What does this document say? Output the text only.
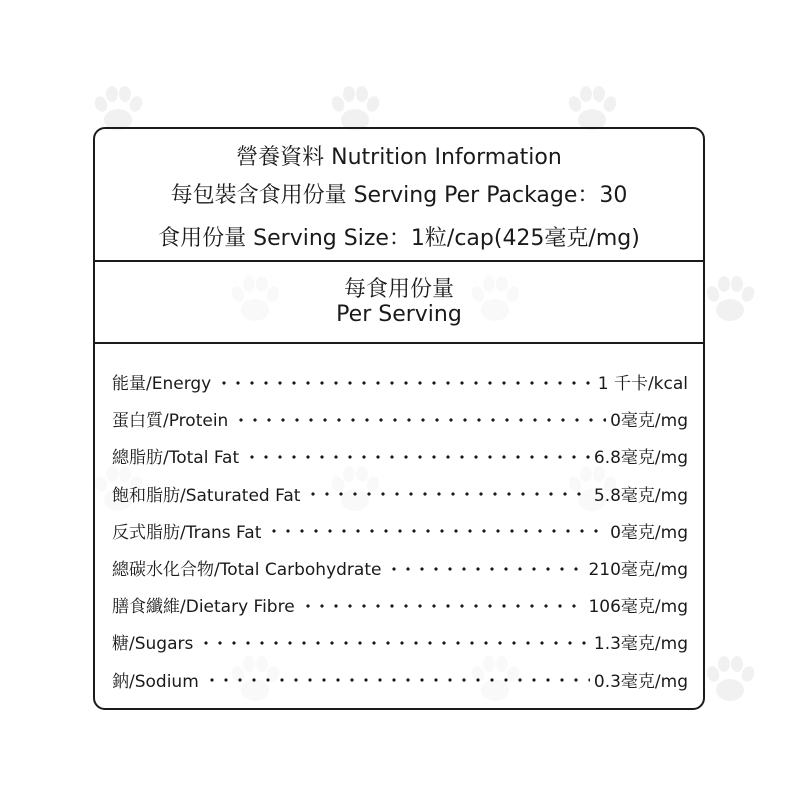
營養資料 Nutrition Information
每包裝含食用份量 Serving Per Package：30
食用份量 Serving Size：1粒/cap(425毫克/mg)
每食用份量
Per Serving
能量/Energy	1 千卡/kcal
蛋白質/Protein	0毫克/mg
總脂肪/Total Fat	6.8毫克/mg
飽和脂肪/Saturated Fat	5.8毫克/mg
反式脂肪/Trans Fat	0毫克/mg
總碳水化合物/Total Carbohydrate	210毫克/mg
膳食纖維/Dietary Fibre	106毫克/mg
糖/Sugars	1.3毫克/mg
鈉/Sodium	0.3毫克/mg
